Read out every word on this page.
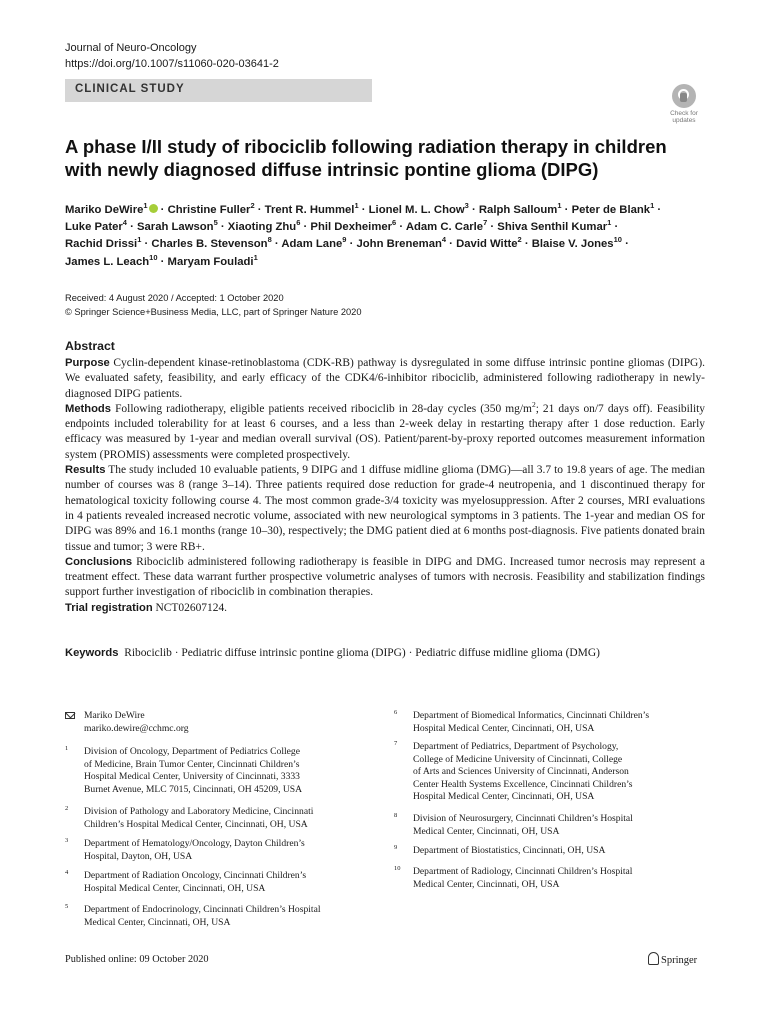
Journal of Neuro-Oncology
https://doi.org/10.1007/s11060-020-03641-2
CLINICAL STUDY
Check for
updates
A phase I/II study of ribociclib following radiation therapy in children
with newly diagnosed diffuse intrinsic pontine glioma (DIPG)
Mariko DeWire$^1$ · Christine Fuller$^2$ · Trent R. Hummel$^1$ · Lionel M. L. Chow$^3$ · Ralph Salloum$^1$ · Peter de Blank$^1$ ·
Luke Pater$^4$ · Sarah Lawson$^5$ · Xiaoting Zhu$^6$ · Phil Dexheimer$^6$ · Adam C. Carle$^7$ · Shiva Senthil Kumar$^1$ ·
Rachid Drissi$^1$ · Charles B. Stevenson$^8$ · Adam Lane$^9$ · John Breneman$^4$ · David Witte$^2$ · Blaise V. Jones$^{10}$ ·
James L. Leach$^{10}$ · Maryam Fouladi$^1$
Received: 4 August 2020 / Accepted: 1 October 2020
© Springer Science+Business Media, LLC, part of Springer Nature 2020
Abstract

Purpose Cyclin-dependent kinase-retinoblastoma (CDK-RB) pathway is dysregulated in some diffuse intrinsic pontine gliomas (DIPG). We evaluated safety, feasibility, and early efficacy of the CDK4/6-inhibitor ribociclib, administered following radiotherapy in newly-diagnosed DIPG patients.

Methods Following radiotherapy, eligible patients received ribociclib in 28-day cycles (350 $mg/m^2$; 21 days on/7 days off). Feasibility endpoints included tolerability for at least 6 courses, and a less than 2-week delay in restarting therapy after 1 dose reduction. Early efficacy was measured by 1-year and median overall survival (OS). Patient/parent-by-proxy reported outcomes measurement information system (PROMIS) assessments were completed prospectively.

Results The study included 10 evaluable patients, 9 DIPG and 1 diffuse midline glioma (DMG)—all 3.7 to 19.8 years of age. The median number of courses was 8 (range 3–14). Three patients required dose reduction for grade-4 neutropenia, and 1 discontinued therapy for hematological toxicity following course 4. The most common grade-3/4 toxicity was myelosuppression. After 2 courses, MRI evaluations in 4 patients revealed increased necrotic volume, associated with new neurological symptoms in 3 patients. The 1-year and median OS for DIPG was 89% and 16.1 months (range 10–30), respectively; the DMG patient died at 6 months post-diagnosis. Five patients donated brain tissue and tumor; 3 were RB+.

Conclusions Ribociclib administered following radiotherapy is feasible in DIPG and DMG. Increased tumor necrosis may represent a treatment effect. These data warrant further prospective volumetric analyses of tumors with necrosis. Feasibility and stabilization findings support further investigation of ribociclib in combination therapies.

Trial registration NCT02607124.

Keywords Ribociclib · Pediatric diffuse intrinsic pontine glioma (DIPG) · Pediatric diffuse midline glioma (DMG)
Mariko DeWire
mariko.dewire@cchmc.org
1 Division of Oncology, Department of Pediatrics College
of Medicine, Brain Tumor Center, Cincinnati Children’s
Hospital Medical Center, University of Cincinnati, 3333
Burnet Avenue, MLC 7015, Cincinnati, OH 45209, USA
2 Division of Pathology and Laboratory Medicine, Cincinnati
Children’s Hospital Medical Center, Cincinnati, OH, USA
3 Department of Hematology/Oncology, Dayton Children’s
Hospital, Dayton, OH, USA
4 Department of Radiation Oncology, Cincinnati Children’s
Hospital Medical Center, Cincinnati, OH, USA
5 Department of Endocrinology, Cincinnati Children’s Hospital
Medical Center, Cincinnati, OH, USA
6 Department of Biomedical Informatics, Cincinnati Children’s
Hospital Medical Center, Cincinnati, OH, USA
7 Department of Pediatrics, Department of Psychology,
College of Medicine University of Cincinnati, College
of Arts and Sciences University of Cincinnati, Anderson
Center Health Systems Excellence, Cincinnati Children’s
Hospital Medical Center, Cincinnati, OH, USA
8 Division of Neurosurgery, Cincinnati Children’s Hospital
Medical Center, Cincinnati, OH, USA
9 Department of Biostatistics, Cincinnati, OH, USA
10 Department of Radiology, Cincinnati Children’s Hospital
Medical Center, Cincinnati, OH, USA
Published online: 09 October 2020	Springer
